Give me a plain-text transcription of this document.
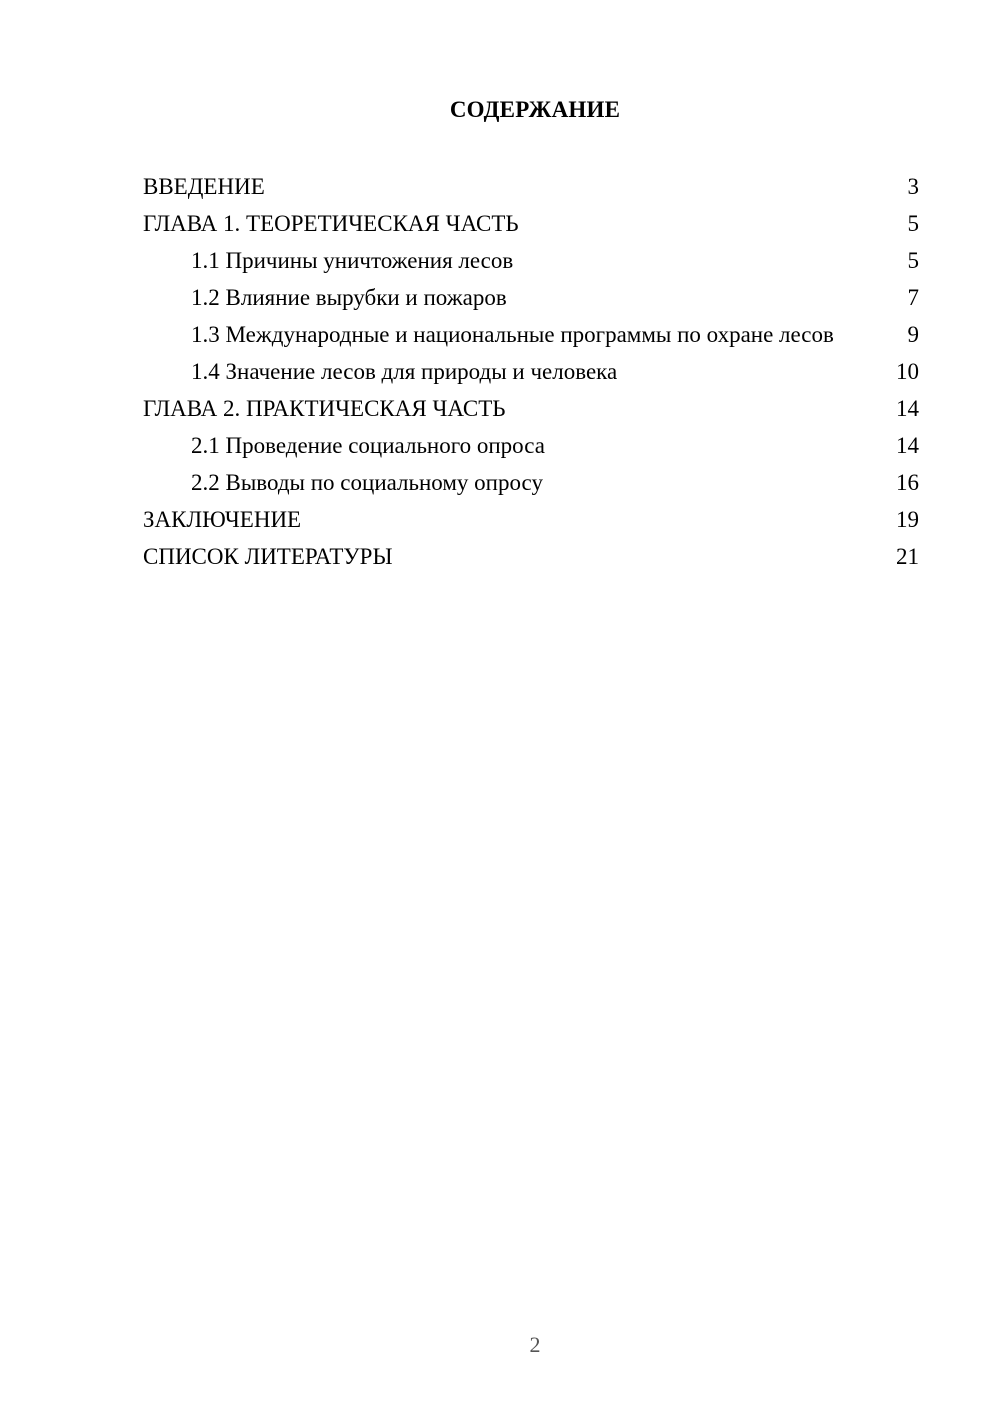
СОДЕРЖАНИЕ
ВВЕДЕНИЕ	3
ГЛАВА 1. ТЕОРЕТИЧЕСКАЯ ЧАСТЬ	5
1.1 Причины уничтожения лесов	5
1.2 Влияние вырубки и пожаров	7
1.3 Международные и национальные программы по охране лесов	9
1.4 Значение лесов для природы и человека	10
ГЛАВА 2. ПРАКТИЧЕСКАЯ ЧАСТЬ	14
2.1 Проведение социального опроса	14
2.2 Выводы по социальному опросу	16
ЗАКЛЮЧЕНИЕ	19
СПИСОК ЛИТЕРАТУРЫ	21
2
